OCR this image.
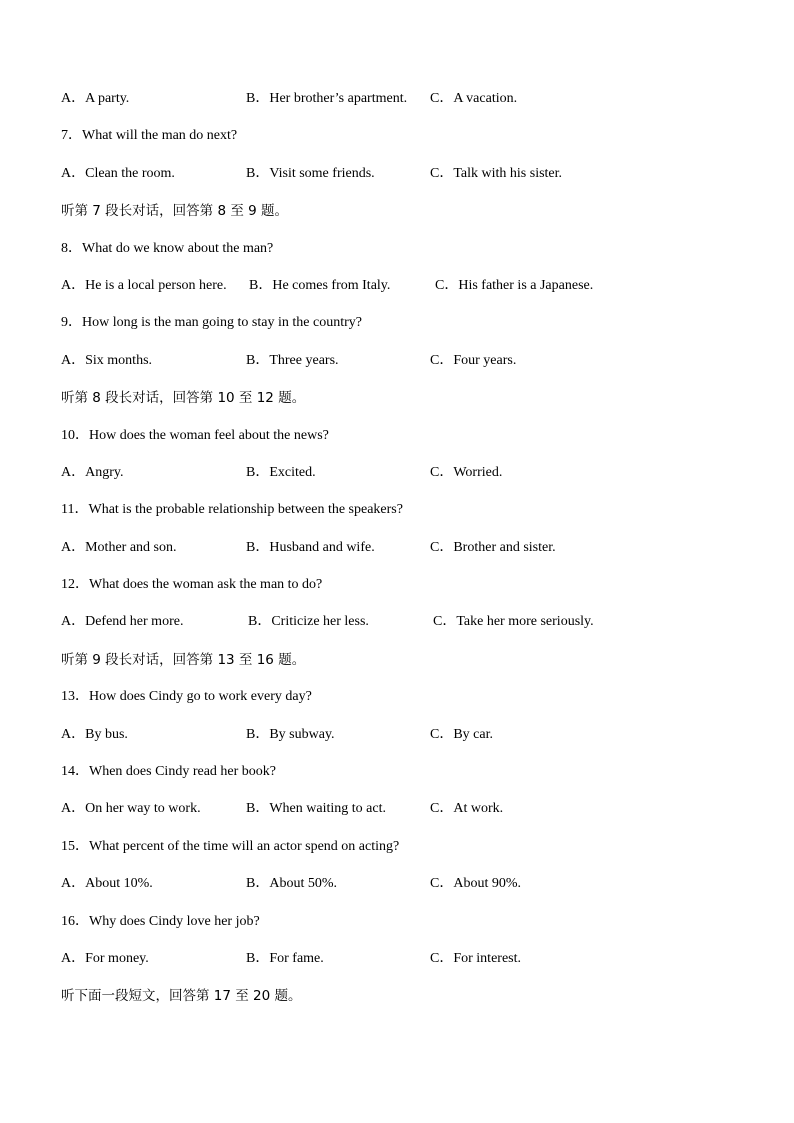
A．A party.	B．Her brother’s apartment. C．A vacation.
7．What will the man do next?
A．Clean the room.	B．Visit some friends.	C．Talk with his sister.
听第 7 段长对话，回答第 8 至 9 题。
8．What do we know about the man?
A．He is a local person here. B．He comes from Italy.	C．His father is a Japanese.
9．How long is the man going to stay in the country?
A．Six months.	B．Three years.	C．Four years.
听第 8 段长对话，回答第 10 至 12 题。
10．How does the woman feel about the news?
A．Angry.	B．Excited.	C．Worried.
11．What is the probable relationship between the speakers?
A．Mother and son.	B．Husband and wife.	C．Brother and sister.
12．What does the woman ask the man to do?
A．Defend her more.	B．Criticize her less.	C．Take her more seriously.
听第 9 段长对话，回答第 13 至 16 题。
13．How does Cindy go to work every day?
A．By bus.	B．By subway.	C．By car.
14．When does Cindy read her book?
A．On her way to work.	B．When waiting to act.	C．At work.
15．What percent of the time will an actor spend on acting?
A．About 10%.	B．About 50%.	C．About 90%.
16．Why does Cindy love her job?
A．For money.	B．For fame.	C．For interest.
听下面一段短文，回答第 17 至 20 题。
